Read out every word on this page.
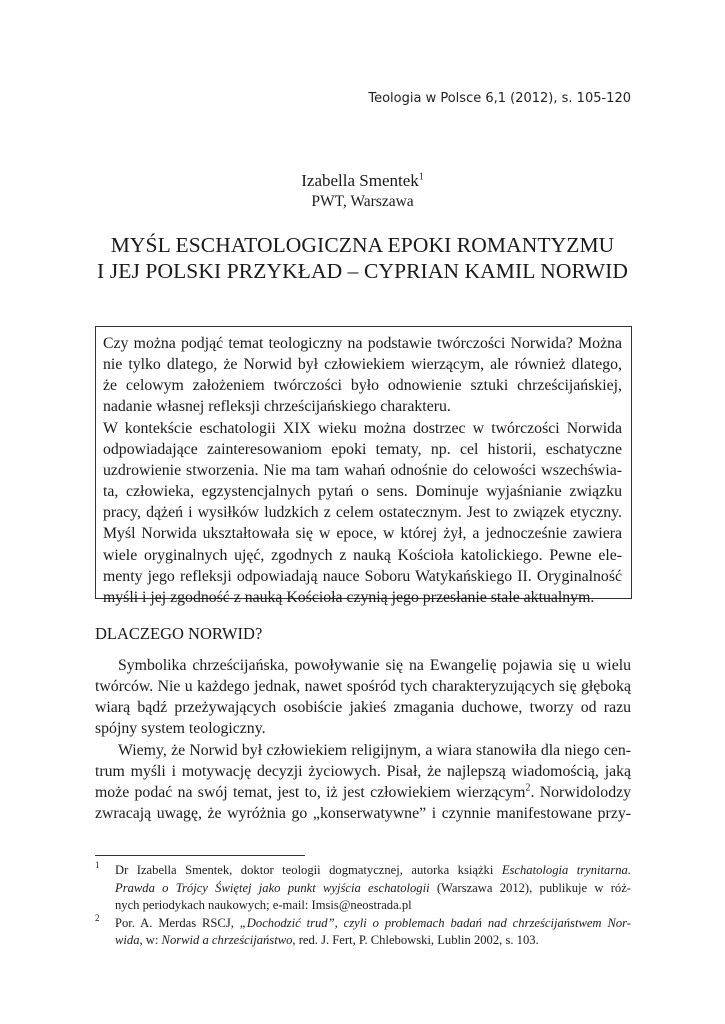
Teologia w Polsce 6,1 (2012), s. 105-120
Izabella Smentek$^1$
PWT, Warszawa
MYŚL ESCHATOLOGICZNA EPOKI ROMANTYZMU
I JEJ POLSKI PRZYKŁAD – CYPRIAN KAMIL NORWID
Czy można podjąć temat teologiczny na podstawie twórczości Norwida? Można
nie tylko dlatego, że Norwid był człowiekiem wierzącym, ale również dlatego,
że celowym założeniem twórczości było odnowienie sztuki chrześcijańskiej,
nadanie własnej refleksji chrześcijańskiego charakteru.
W kontekście eschatologii XIX wieku można dostrzec w twórczości Norwida
odpowiadające zainteresowaniom epoki tematy, np. cel historii, eschatyczne
uzdrowienie stworzenia. Nie ma tam wahań odnośnie do celowości wszechświa-
ta, człowieka, egzystencjalnych pytań o sens. Dominuje wyjaśnianie związku
pracy, dążeń i wysiłków ludzkich z celem ostatecznym. Jest to związek etyczny.
Myśl Norwida ukształtowała się w epoce, w której żył, a jednocześnie zawiera
wiele oryginalnych ujęć, zgodnych z nauką Kościoła katolickiego. Pewne ele-
menty jego refleksji odpowiadają nauce Soboru Watykańskiego II. Oryginalność
myśli i jej zgodność z nauką Kościoła czynią jego przesłanie stale aktualnym.
DLACZEGO NORWID?
Symbolika chrześcijańska, powoływanie się na Ewangelię pojawia się u wielu
twórców. Nie u każdego jednak, nawet spośród tych charakteryzujących się głęboką
wiarą bądź przeżywających osobiście jakieś zmagania duchowe, tworzy od razu
spójny system teologiczny.
Wiemy, że Norwid był człowiekiem religijnym, a wiara stanowiła dla niego cen-
trum myśli i motywację decyzji życiowych. Pisał, że najlepszą wiadomością, jaką
może podać na swój temat, jest to, iż jest człowiekiem wierzącym$^2$. Norwidolodzy
zwracają uwagę, że wyróżnia go „konserwatywne” i czynnie manifestowane przy-
1 Dr Izabella Smentek, doktor teologii dogmatycznej, autorka książki Eschatologia trynitarna.
Prawda o Trójcy Świętej jako punkt wyjścia eschatologii (Warszawa 2012), publikuje w róż-
nych periodykach naukowych; e-mail: Imsis@neostrada.pl
2 Por. A. Merdas RSCJ, „Dochodzić trud”, czyli o problemach badań nad chrześcijaństwem Nor-
wida, w: Norwid a chrześcijaństwo, red. J. Fert, P. Chlebowski, Lublin 2002, s. 103.
